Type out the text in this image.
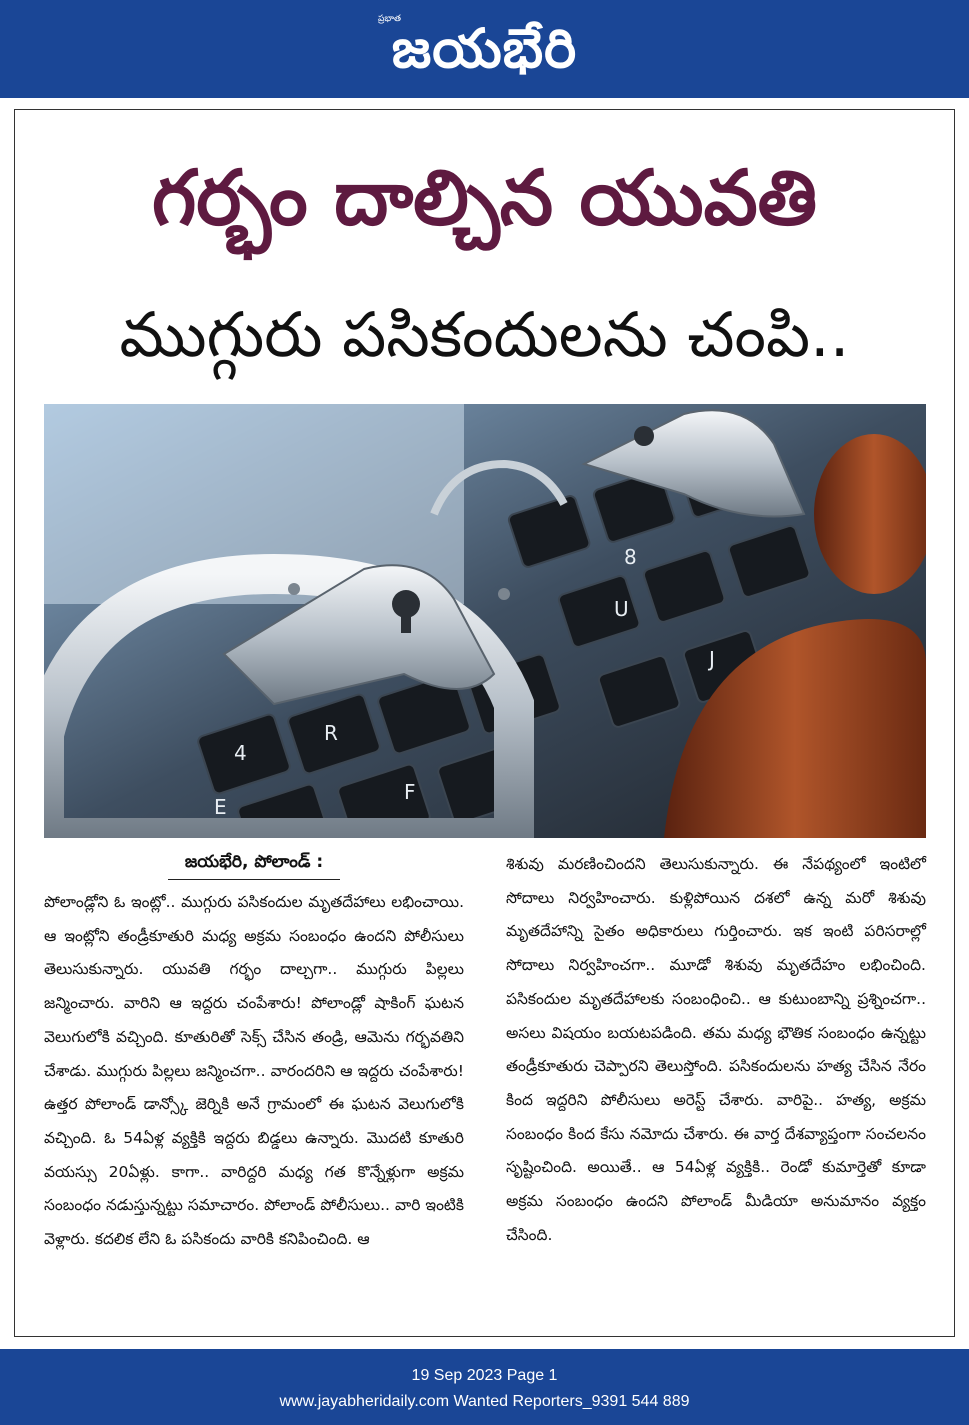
ప్రభాత
జయభేరి
గర్భం దాల్చిన యువతి
ముగ్గురు పసికందులను చంపి..
4
R
E
F
G
U
J
8
జయభేరి, పోలాండ్ :

పోలాండ్లోని ఓ ఇంట్లో.. ముగ్గురు పసికందుల మృతదేహాలు లభించాయి. ఆ ఇంట్లోని తండ్రీకూతురి మధ్య అక్రమ సంబంధం ఉందని పోలీసులు తెలుసుకున్నారు. యువతి గర్భం దాల్చగా.. ముగ్గురు పిల్లలు జన్మించారు. వారిని ఆ ఇద్దరు చంపేశారు! పోలాండ్లో షాకింగ్ ఘటన వెలుగులోకి వచ్చింది. కూతురితో సెక్స్ చేసిన తండ్రి, ఆమెను గర్భవతిని చేశాడు. ముగ్గురు పిల్లలు జన్మించగా.. వారందరిని ఆ ఇద్దరు చంపేశారు! ఉత్తర పోలాండ్ డాన్స్కో జెర్నికి అనే గ్రామంలో ఈ ఘటన వెలుగులోకి వచ్చింది. ఓ 54ఏళ్ల వ్యక్తికి ఇద్దరు బిడ్డలు ఉన్నారు. మొదటి కూతురి వయస్సు 20ఏళ్లు. కాగా.. వారిద్దరి మధ్య గత కొన్నేళ్లుగా అక్రమ సంబంధం నడుస్తున్నట్టు సమాచారం. పోలాండ్ పోలీసులు.. వారి ఇంటికి వెళ్లారు. కదలిక లేని ఓ పసికందు వారికి కనిపించింది. ఆ

శిశువు మరణించిందని తెలుసుకున్నారు. ఈ నేపథ్యంలో ఇంటిలో సోదాలు నిర్వహించారు. కుళ్లిపోయిన దశలో ఉన్న మరో శిశువు మృతదేహాన్ని సైతం అధికారులు గుర్తించారు. ఇక ఇంటి పరిసరాల్లో సోదాలు నిర్వహించగా.. మూడో శిశువు మృతదేహం లభించింది. పసికందుల మృతదేహాలకు సంబంధించి.. ఆ కుటుంబాన్ని ప్రశ్నించగా.. అసలు విషయం బయటపడింది. తమ మధ్య భౌతిక సంబంధం ఉన్నట్టు తండ్రీకూతురు చెప్పారని తెలుస్తోంది. పసికందులను హత్య చేసిన నేరం కింద ఇద్దరిని పోలీసులు అరెస్ట్ చేశారు. వారిపై.. హత్య, అక్రమ సంబంధం కింద కేసు నమోదు చేశారు. ఈ వార్త దేశవ్యాప్తంగా సంచలనం సృష్టించింది. అయితే.. ఆ 54ఏళ్ల వ్యక్తికి.. రెండో కుమార్తెతో కూడా అక్రమ సంబంధం ఉందని పోలాండ్ మీడియా అనుమానం వ్యక్తం చేసింది.

19 Sep 2023 Page 1
www.jayabheridaily.com Wanted Reporters_9391 544 889
